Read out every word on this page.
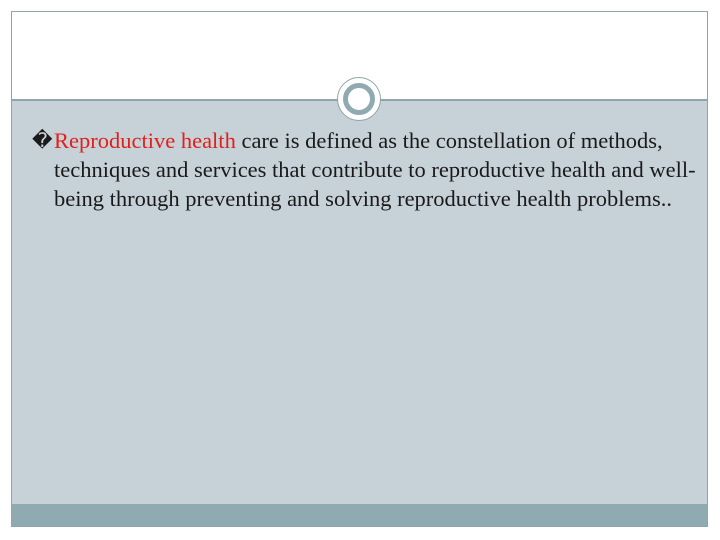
� Reproductive health care is defined as the constellation of methods, techniques and services that contribute to reproductive health and well-being through preventing and solving reproductive health problems..
